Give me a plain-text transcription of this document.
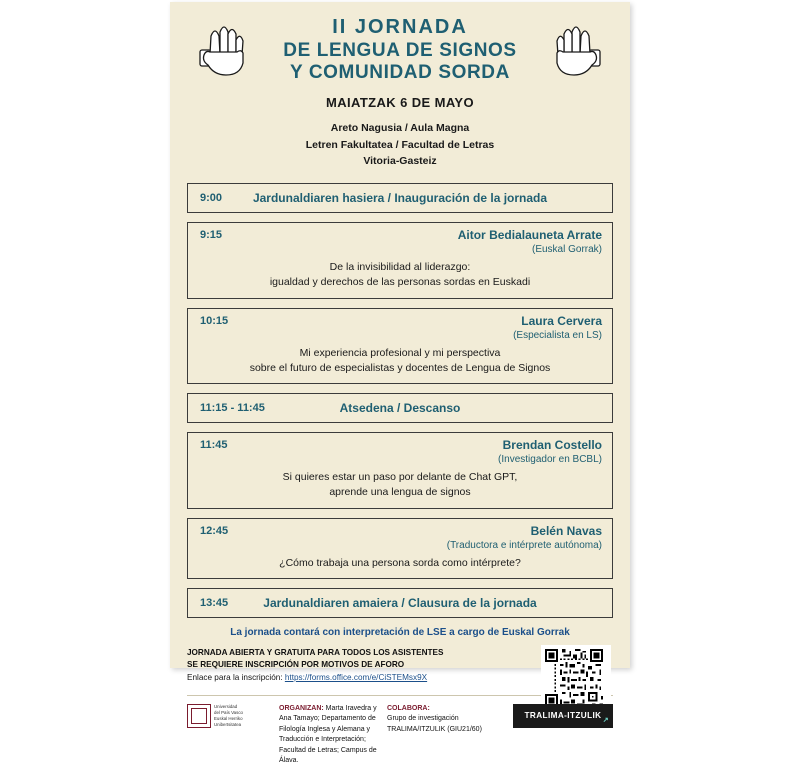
II JORNADA
DE LENGUA DE SIGNOS
Y COMUNIDAD SORDA
MAIATZAK 6 DE MAYO
Areto Nagusia / Aula Magna
Letren Fakultatea / Facultad de Letras
Vitoria-Gasteiz
9:00	Jardunaldiaren hasiera / Inauguración de la jornada
9:15	Aitor Bedialauneta Arrate
(Euskal Gorrak)
De la invisibilidad al liderazgo:
igualdad y derechos de las personas sordas en Euskadi
10:15	Laura Cervera
(Especialista en LS)
Mi experiencia profesional y mi perspectiva
sobre el futuro de especialistas y docentes de Lengua de Signos
11:15 - 11:45	Atsedena / Descanso
11:45	Brendan Costello
(Investigador en BCBL)
Si quieres estar un paso por delante de Chat GPT,
aprende una lengua de signos
12:45	Belén Navas
(Traductora e intérprete autónoma)
¿Cómo trabaja una persona sorda como intérprete?
13:45	Jardunaldiaren amaiera / Clausura de la jornada
La jornada contará con interpretación de LSE a cargo de Euskal Gorrak
JORNADA ABIERTA Y GRATUITA PARA TODOS LOS ASISTENTES
SE REQUIERE INSCRIPCIÓN POR MOTIVOS DE AFORO
Enlace para la inscripción: https://forms.office.com/e/CiSTEMsx9X
Universidad
del País Vasco
Euskal Herriko
Unibertsitatea
ORGANIZAN: Marta Iravedra y Ana Tamayo; Departamento de Filología Inglesa y Alemana y Traducción e Interpretación; Facultad de Letras; Campus de Álava.
COLABORA:
Grupo de investigación TRALIMA/ITZULIK (GIU21/60)
TRALIMA-ITZULIK
↗
